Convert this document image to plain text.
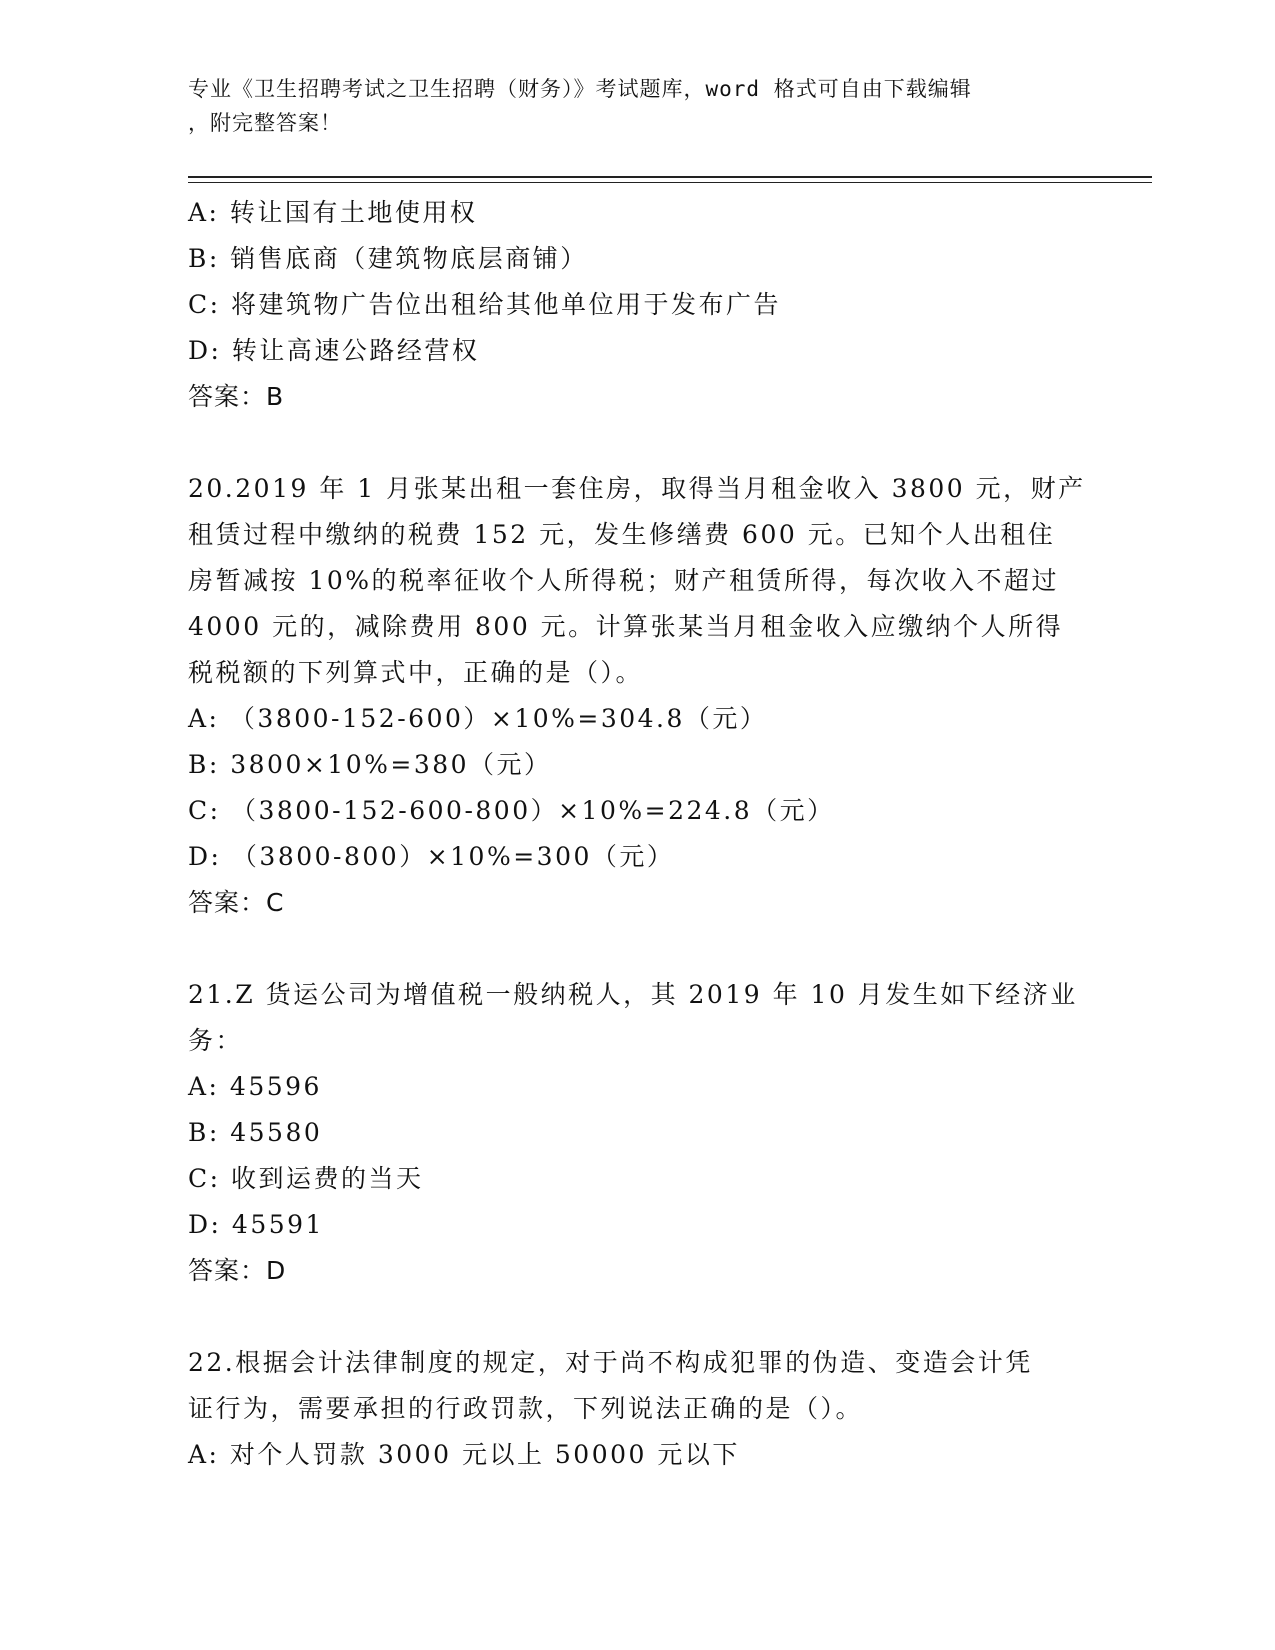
专业《卫生招聘考试之卫生招聘（财务）》考试题库，word 格式可自由下载编辑
，附完整答案！
A: 转让国有土地使用权
B: 销售底商（建筑物底层商铺）
C: 将建筑物广告位出租给其他单位用于发布广告
D: 转让高速公路经营权
答案：B
20.2019 年 1 月张某出租一套住房，取得当月租金收入 3800 元，财产
租赁过程中缴纳的税费 152 元，发生修缮费 600 元。已知个人出租住
房暂减按 10%的税率征收个人所得税；财产租赁所得，每次收入不超过
4000 元的，减除费用 800 元。计算张某当月租金收入应缴纳个人所得
税税额的下列算式中，正确的是（）。
A: （3800-152-600）×10%=304.8（元）
B: 3800×10%=380（元）
C: （3800-152-600-800）×10%=224.8（元）
D: （3800-800）×10%=300（元）
答案：C
21.Z 货运公司为增值税一般纳税人，其 2019 年 10 月发生如下经济业
务：
A: 45596
B: 45580
C: 收到运费的当天
D: 45591
答案：D
22.根据会计法律制度的规定，对于尚不构成犯罪的伪造、变造会计凭
证行为，需要承担的行政罚款，下列说法正确的是（）。
A: 对个人罚款 3000 元以上 50000 元以下
